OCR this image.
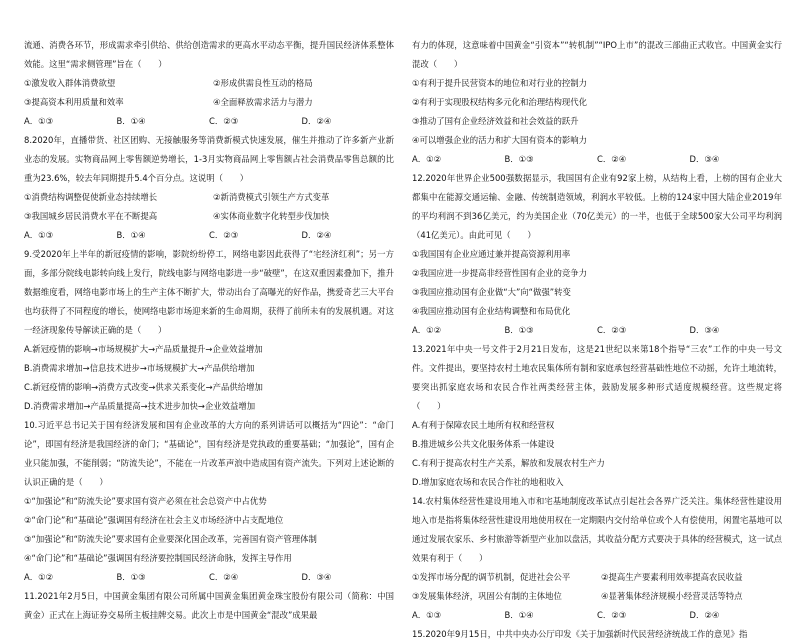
流通、消费各环节，形成需求牵引供给、供给创造需求的更高水平动态平衡，提升国民经济体系整体效能。这里“需求侧管理”旨在（　　）

①激发收入群体消费欲望	②形成供需良性互动的格局
③提高资本利用质量和效率	④全面释放需求活力与潜力
A．①③	B．①④	C．②③	D．②④

8.2020年，直播带货、社区团购、无接触服务等消费新模式快速发展，催生并推动了许多新产业新业态的发展。实物商品网上零售额逆势增长，1-3月实物商品网上零售额占社会消费品零售总额的比重为23.6%，较去年同期提升5.4个百分点。这说明（　　）

①消费结构调整促使新业态持续增长	②新消费模式引领生产方式变革
③我国城乡居民消费水平在不断提高	④实体商业数字化转型步伐加快
A．①③	B．①④	C．②③	D．②④

9.受2020年上半年的新冠疫情的影响，影院纷纷停工，网络电影因此获得了“宅经济红利”；另一方面，多部分院线电影转向线上发行，院线电影与网络电影进一步“破壁”，在这双重因素叠加下，推升数据维度看，网络电影市场上的生产主体不断扩大，带动出台了高曝光的好作品，携爱奇艺三大平台也均获得了不同程度的增长，使网络电影市场迎来新的生命周期，获得了前所未有的发展机遇。对这一经济现象传导解读正确的是（　　）

A.新冠疫情的影响→市场规模扩大→产品质量提升→企业效益增加
B.消费需求增加→信息技术进步→市场规模扩大→产品供给增加
C.新冠疫情的影响→消费方式改变→供求关系变化→产品供给增加
D.消费需求增加→产品质量提高→技术进步加快→企业效益增加

10.习近平总书记关于国有经济发展和国有企业改革的大方向的系列讲话可以概括为“四论”：“命门论”，即国有经济是我国经济的命门；“基础论”，国有经济是党执政的重要基础；“加强论”，国有企业只能加强，不能削弱；“防流失论”，不能在一片改革声浪中造成国有资产流失。下列对上述论断的认识正确的是（　　）

①“加强论”和“防流失论”要求国有资产必须在社会总资产中占优势
②“命门论”和“基础论”强调国有经济在社会主义市场经济中占支配地位
③“加强论”和“防流失论”要求国有企业要深化国企改革，完善国有资产管理体制
④“命门论”和“基础论”强调国有经济要控制国民经济命脉，发挥主导作用
A．①②	B．①③	C．②④	D．③④

11.2021年2月5日，中国黄金集团有限公司所属中国黄金集团黄金珠宝股份有限公司（简称：中国黄金）正式在上海证券交易所主板挂牌交易。此次上市是中国黄金“混改”成果最

有力的体现，这意味着中国黄金“引资本”“转机制”“IPO上市”的混改三部曲正式收官。中国黄金实行混改（　　）

①有利于提升民营资本的地位和对行业的控制力
②有利于实现股权结构多元化和治理结构现代化
③推动了国有企业经济效益和社会效益的跃升
④可以增强企业的活力和扩大国有资本的影响力
A．①②	B．①③	C．②④	D．③④

12.2020年世界企业500强数据显示，我国国有企业有92家上榜，从结构上看，上榜的国有企业大都集中在能源交通运输、金融、传统制造领域，利润水平较低。上榜的124家中国大陆企业2019年的平均利润不到36亿美元，约为美国企业（70亿美元）的一半，也低于全球500家大公司平均利润（41亿美元）。由此可见（　　）

①我国国有企业应通过兼并提高资源利用率
②我国应进一步提高非经营性国有企业的竞争力
③我国应推动国有企业做“大”向“做强”转变
④我国应推动国有企业结构调整和布局优化
A．①②	B．①③	C．②③	D．③④

13.2021年中央一号文件于2月21日发布，这是21世纪以来第18个指导“三农”工作的中央一号文件。文件提出，要坚持农村土地农民集体所有制和家庭承包经营基础性地位不动摇，允许土地流转，要突出抓家庭农场和农民合作社两类经营主体，鼓励发展多种形式适度规模经营。这些规定将（　　）

A.有利于保障农民土地所有权和经营权
B.推进城乡公共文化服务体系一体建设
C.有利于提高农村生产关系，解放和发展农村生产力
D.增加家庭农场和农民合作社的地租收入

14.农村集体经营性建设用地入市和宅基地制度改革试点引起社会各界广泛关注。集体经营性建设用地入市是指将集体经营性建设用地使用权在一定期限内交付给单位或个人有偿使用，闲置宅基地可以通过发展农家乐、乡村旅游等新型产业加以盘活，其收益分配方式要决于具体的经营模式，这一试点效果有利于（　　）

①发挥市场分配的调节机制，促进社会公平	②提高生产要素利用效率提高农民收益
③发展集体经济，巩固公有制的主体地位	④显著集体经济规模小经营灵活等特点
A．①③	B．①④	C．②③	D．②④

15.2020年9月15日，中共中央办公厅印发《关于加强新时代民营经济统战工作的意见》指
